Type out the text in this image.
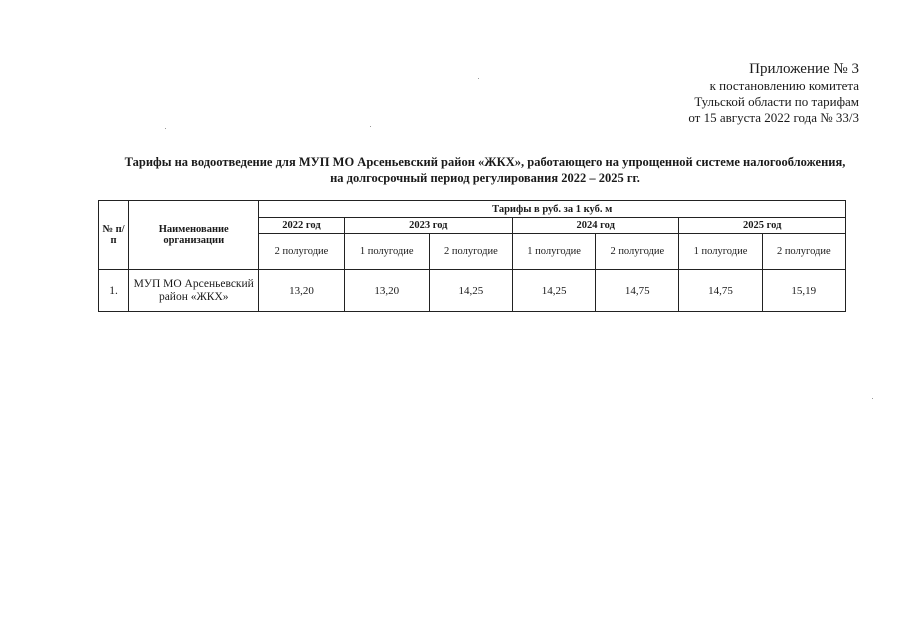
Приложение № 3
к постановлению комитета
Тульской области по тарифам
от 15 августа 2022 года № 33/3
Тарифы на водоотведение для МУП МО Арсеньевский район «ЖКХ», работающего на упрощенной системе налогообложения,
на долгосрочный период регулирования 2022 – 2025 гг.
№ п/п	Наименование организации	Тарифы в руб. за 1 куб. м						
		2022 год	2023 год		2024 год		2025 год	
		2 полугодие	1 полугодие	2 полугодие	1 полугодие	2 полугодие	1 полугодие	2 полугодие
1.	МУП МО Арсеньевский район «ЖКХ»	13,20	13,20	14,25	14,25	14,75	14,75	15,19
